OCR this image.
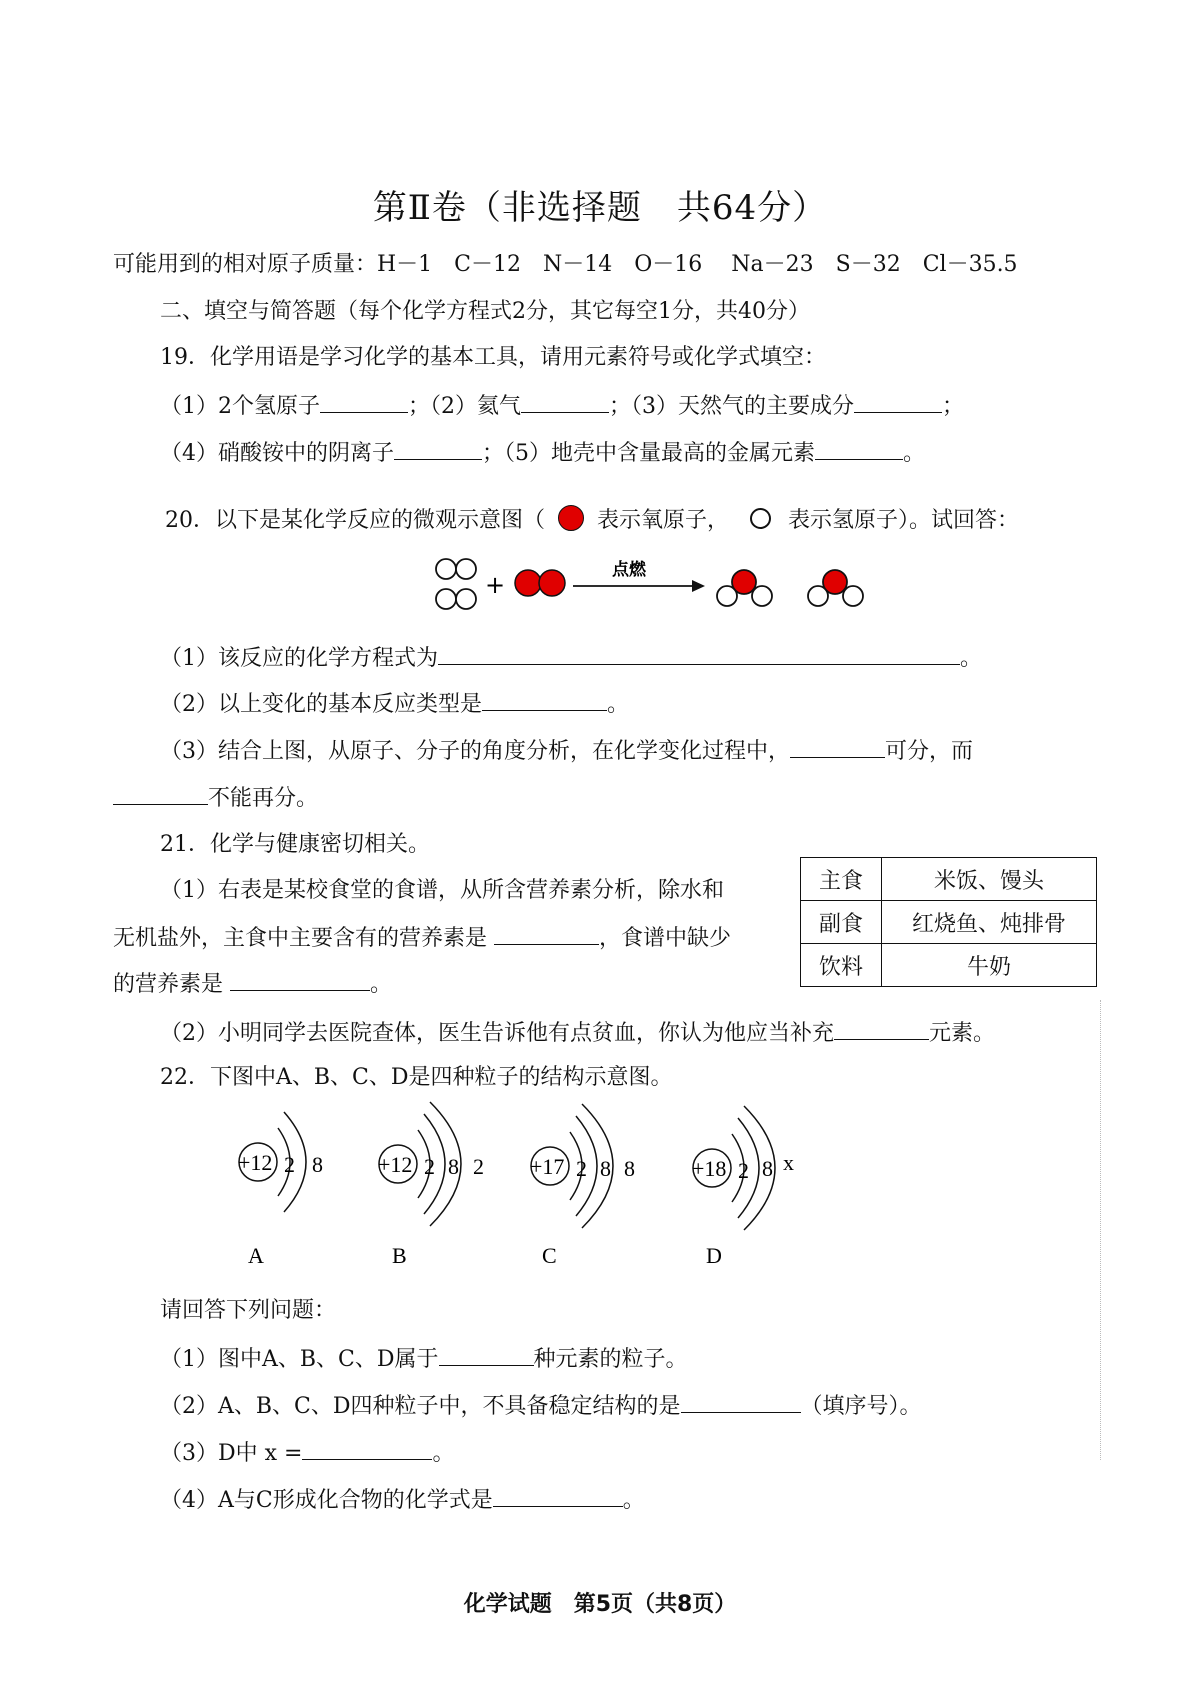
第Ⅱ卷（非选择题　共64分）
可能用到的相对原子质量：H－1　C－12　N－14　O－16　 Na－23　S－32　Cl－35.5
二、填空与简答题（每个化学方程式2分，其它每空1分，共40分）
19．化学用语是学习化学的基本工具，请用元素符号或化学式填空：
（1）2个氢原子	；（2）氦气	；（3）天然气的主要成分	；
（4）硝酸铵中的阴离子	；（5）地壳中含量最高的金属元素	。
20．以下是某化学反应的微观示意图（ 表示氧原子，	表示氢原子）。试回答：
+
点燃
（1）该反应的化学方程式为	。
（2）以上变化的基本反应类型是	。
（3）结合上图，从原子、分子的角度分析，在化学变化过程中，	可分，而
不能再分。
21．化学与健康密切相关。
（1）右表是某校食堂的食谱，从所含营养素分析，除水和
无机盐外，主食中主要含有的营养素是	，食谱中缺少
的营养素是	。
主食	米饭、馒头
副食	红烧鱼、炖排骨
饮料	牛奶
（2）小明同学去医院查体，医生告诉他有点贫血，你认为他应当补充	元素。
22．下图中A、B、C、D是四种粒子的结构示意图。
+12 2 8
A
+12 2 8 2
B
+17 2 8 8
C
+18 2 8 x
D
请回答下列问题：
（1）图中A、B、C、D属于	种元素的粒子。
（2）A、B、C、D四种粒子中，不具备稳定结构的是	（填序号）。
（3）D中 x =	。
（4）A与C形成化合物的化学式是	。
化学试题　第5页（共8页）
